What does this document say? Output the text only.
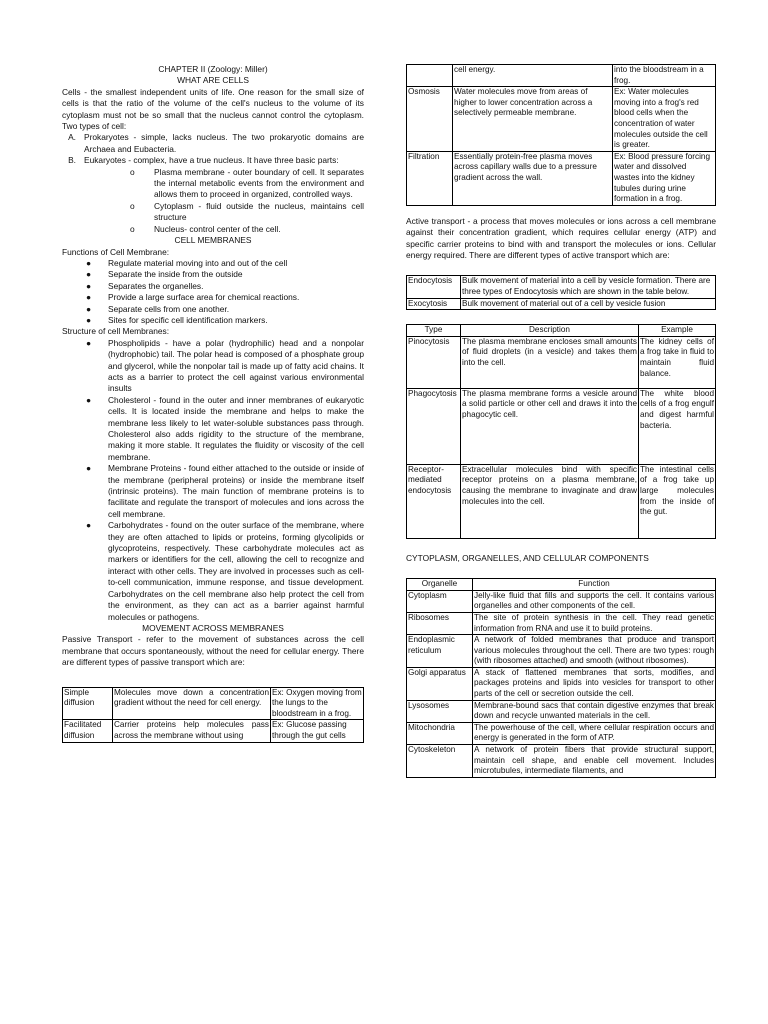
CHAPTER II (Zoology: Miller)

WHAT ARE CELLS

Cells - the smallest independent units of life. One reason for the small size of cells is that the ratio of the volume of the cell's nucleus to the volume of its cytoplasm must not be so small that the nucleus cannot control the cytoplasm. Two types of cell:

A. Prokaryotes - simple, lacks nucleus. The two prokaryotic domains are Archaea and Eubacteria.
B. Eukaryotes - complex, have a true nucleus. It have three basic parts:
o Plasma membrane - outer boundary of cell. It separates the internal metabolic events from the environment and allows them to proceed in organized, controlled ways.
o Cytoplasm - fluid outside the nucleus, maintains cell structure
o Nucleus- control center of the cell.

CELL MEMBRANES

Functions of Cell Membrane:

● Regulate material moving into and out of the cell
● Separate the inside from the outside
● Separates the organelles.
● Provide a large surface area for chemical reactions.
● Separate cells from one another.
● Sites for specific cell identification markers.

Structure of cell Membranes:

● Phospholipids - have a polar (hydrophilic) head and a nonpolar (hydrophobic) tail. The polar head is composed of a phosphate group and glycerol, while the nonpolar tail is made up of fatty acid chains. It acts as a barrier to protect the cell against various environmental insults
● Cholesterol - found in the outer and inner membranes of eukaryotic cells. It is located inside the membrane and helps to make the membrane less likely to let water-soluble substances pass through. Cholesterol also adds rigidity to the structure of the membrane, making it more stable. It regulates the fluidity or viscosity of the cell membrane.
● Membrane Proteins - found either attached to the outside or inside of the membrane (peripheral proteins) or inside the membrane itself (intrinsic proteins). The main function of membrane proteins is to facilitate and regulate the transport of molecules and ions across the cell membrane.
● Carbohydrates - found on the outer surface of the membrane, where they are often attached to lipids or proteins, forming glycolipids or glycoproteins, respectively. These carbohydrate molecules act as markers or identifiers for the cell, allowing the cell to recognize and interact with other cells. They are involved in processes such as cell-to-cell communication, immune response, and tissue development. Carbohydrates on the cell membrane also help protect the cell from the environment, as they can act as a barrier against harmful molecules or pathogens.

MOVEMENT ACROSS MEMBRANES

Passive Transport - refer to the movement of substances across the cell membrane that occurs spontaneously, without the need for cellular energy. There are different types of passive transport which are:

Simple diffusion	Molecules move down a concentration gradient without the need for cell energy.	Ex: Oxygen moving from the lungs to the bloodstream in a frog.
Facilitated diffusion	Carrier proteins help molecules pass across the membrane without using	Ex: Glucose passing through the gut cells
	cell energy.	into the bloodstream in a frog.
Osmosis	Water molecules move from areas of higher to lower concentration across a selectively permeable membrane.	Ex: Water molecules moving into a frog's red blood cells when the concentration of water molecules outside the cell is greater.
Filtration	Essentially protein-free plasma moves across capillary walls due to a pressure gradient across the wall.	Ex: Blood pressure forcing water and dissolved wastes into the kidney tubules during urine formation in a frog.

Active transport - a process that moves molecules or ions across a cell membrane against their concentration gradient, which requires cellular energy (ATP) and specific carrier proteins to bind with and transport the molecules or ions. Cellular energy required. There are different types of active transport which are:

Endocytosis	Bulk movement of material into a cell by vesicle formation. There are three types of Endocytosis which are shown in the table below.
Exocytosis	Bulk movement of material out of a cell by vesicle fusion
Type	Description	Example
Pinocytosis	The plasma membrane encloses small amounts of fluid droplets (in a vesicle) and takes them into the cell.	The kidney cells of a frog take in fluid to maintain fluid balance.
Phagocytosis	The plasma membrane forms a vesicle around a solid particle or other cell and draws it into the phagocytic cell.	The white blood cells of a frog engulf and digest harmful bacteria.
Receptor-mediated endocytosis	Extracellular molecules bind with specific receptor proteins on a plasma membrane, causing the membrane to invaginate and draw molecules into the cell.	The intestinal cells of a frog take up large molecules from the inside of the gut.

CYTOPLASM, ORGANELLES, AND CELLULAR COMPONENTS

Organelle	Function
Cytoplasm	Jelly-like fluid that fills and supports the cell. It contains various organelles and other components of the cell.
Ribosomes	The site of protein synthesis in the cell. They read genetic information from RNA and use it to build proteins.
Endoplasmic reticulum	A network of folded membranes that produce and transport various molecules throughout the cell. There are two types: rough (with ribosomes attached) and smooth (without ribosomes).
Golgi apparatus	A stack of flattened membranes that sorts, modifies, and packages proteins and lipids into vesicles for transport to other parts of the cell or secretion outside the cell.
Lysosomes	Membrane-bound sacs that contain digestive enzymes that break down and recycle unwanted materials in the cell.
Mitochondria	The powerhouse of the cell, where cellular respiration occurs and energy is generated in the form of ATP.
Cytoskeleton	A network of protein fibers that provide structural support, maintain cell shape, and enable cell movement. Includes microtubules, intermediate filaments, and
